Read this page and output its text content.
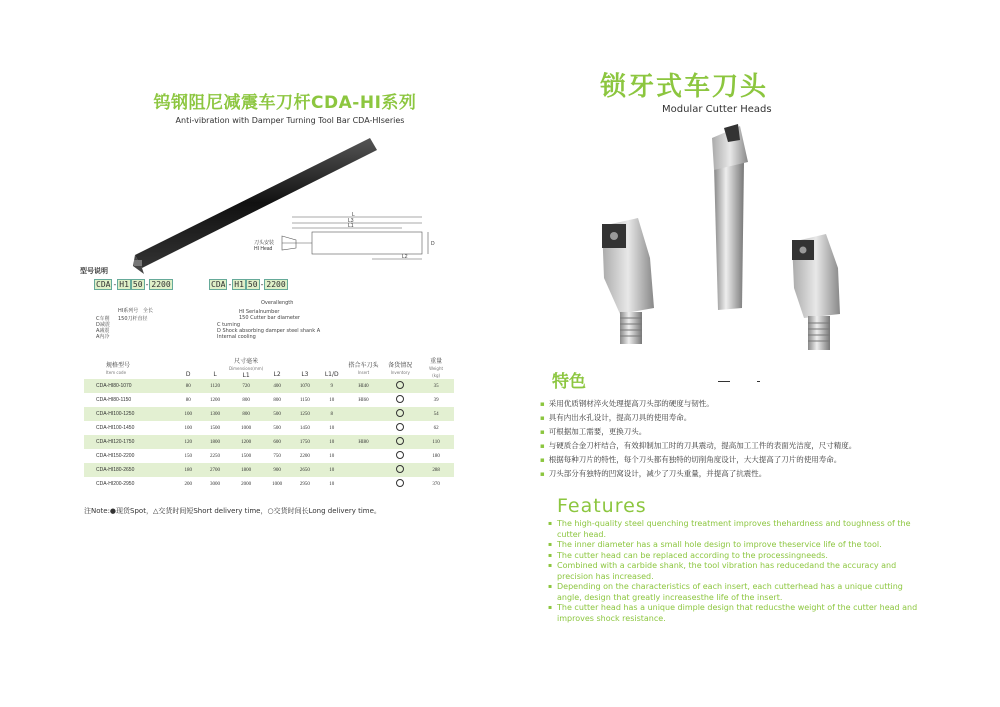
钨钢阻尼减震车刀杆CDA-HI系列
Anti-vibration with Damper Turning Tool Bar CDA-HIseries
L
L3
L1
L2
D
刀头安装
HI Head
型号说明
CDA - H1 50 - 2200
C车削
D减震
A减震
HI系列号
150刀杆直径
全长
A内冷
CDA - H1 50 - 2200
Overallength
HI Serialnumber
150 Cutter bar diameter
C turning
D Shock absorbing damper steel shank A
Internal cooling
规格型号
Item code	D	L	尺寸毫米
Dimensions(mm)
L1	L2	L3	L1/D	搭合车刀头
Insert	备货情况
Inventory	重量
Weight
(kg)
CDA-HI80-1070	80	1120	720	400	1070	9	HI40		35
CDA-HI80-1150	80	1200	800	800	1150	10	HI60		39
CDA-HI100-1250	100	1300	800	500	1250	8			54
CDA-HI100-1450	100	1500	1000	500	1450	10			62
CDA-HI120-1750	120	1800	1200	600	1750	10	HI80		110
CDA-HI150-2200	150	2250	1500	750	2200	10			180
CDA-HI180-2650	180	2700	1800	900	2650	10			288
CDA-HI200-2950	200	3000	2000	1000	2950	10			370
注Note:●现货Spot，△交货时间短Short delivery time，○交货时间长Long delivery time。
锁牙式车刀头
Modular Cutter Heads
特色
▪ 采用优质钢材淬火处理提高刀头部的硬度与韧性。
▪ 具有内出水孔设计，提高刀具的使用寿命。
▪ 可根据加工需要，更换刀头。
▪ 与硬质合金刀杆结合，有效抑制加工时的刀具震动，提高加工工件的表面光洁度，尺寸精度。
▪ 根据每种刀片的特性，每个刀头都有独特的切削角度设计，大大提高了刀片的使用寿命。
▪ 刀头部分有独特的凹窝设计，减少了刀头重量，并提高了抗震性。
Features
▪ The high-quality steel quenching treatment improves thehardness and toughness of the cutter head.
▪ The inner diameter has a small hole design to improve theservice life of the tool.
▪ The cutter head can be replaced according to the processingneeds.
▪ Combined with a carbide shank, the tool vibration has reducedand the accuracy and precision has increased.
▪ Depending on the characteristics of each insert, each cutterhead has a unique cutting angle, design that greatly increasesthe life of the insert.
▪ The cutter head has a unique dimple design that reducsthe weight of the cutter head and improves shock resistance.
